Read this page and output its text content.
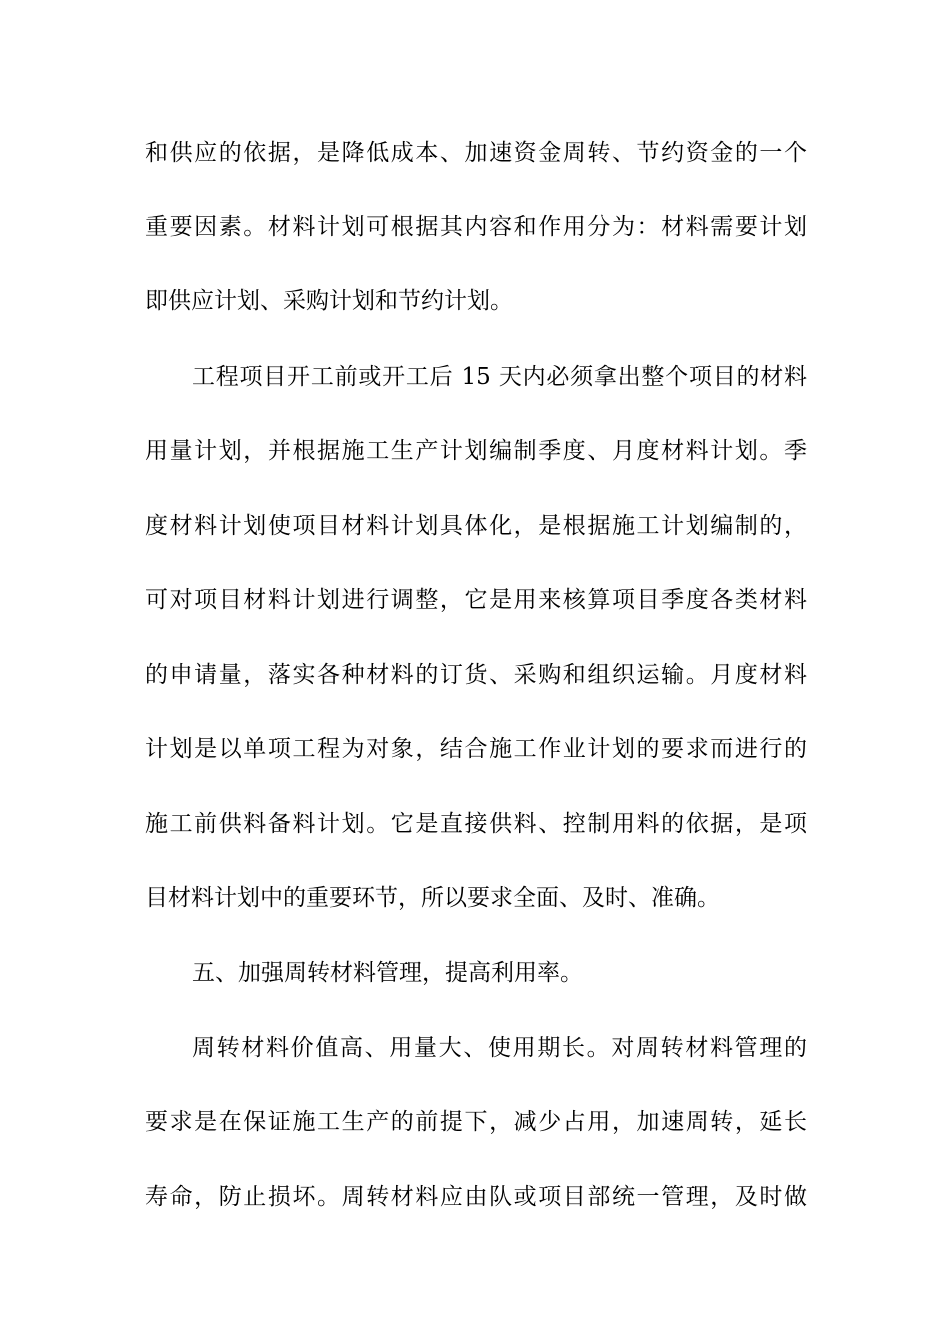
和供应的依据，是降低成本、加速资金周转、节约资金的一个
重要因素。材料计划可根据其内容和作用分为：材料需要计划
即供应计划、采购计划和节约计划。
工程项目开工前或开工后 15 天内必须拿出整个项目的材料
用量计划，并根据施工生产计划编制季度、月度材料计划。季
度材料计划使项目材料计划具体化，是根据施工计划编制的，
可对项目材料计划进行调整，它是用来核算项目季度各类材料
的申请量，落实各种材料的订货、采购和组织运输。月度材料
计划是以单项工程为对象，结合施工作业计划的要求而进行的
施工前供料备料计划。它是直接供料、控制用料的依据，是项
目材料计划中的重要环节，所以要求全面、及时、准确。
五、加强周转材料管理，提高利用率。
周转材料价值高、用量大、使用期长。对周转材料管理的
要求是在保证施工生产的前提下，减少占用，加速周转，延长
寿命，防止损坏。周转材料应由队或项目部统一管理，及时做
